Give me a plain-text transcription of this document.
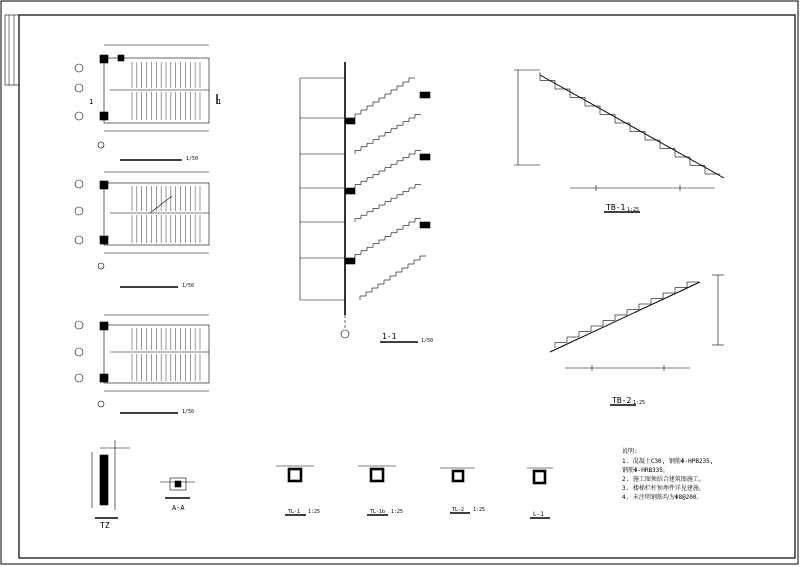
1/50
1	1
1/50
1/50
1-1	1/50
TB-1 1:25
TB-2 1:25
TZ
A-A	TL-1 1:25	TL-1b 1:25	TL-2 1:25
L-1
说明:
1. 混凝土C30, 钢筋Φ-HPB235,
钢筋Φ-HRB335。
2. 施工图须结合建筑图施工。
3. 楼梯栏杆预埋件详见建施。
4. 未注明钢筋均为Φ8@200。
